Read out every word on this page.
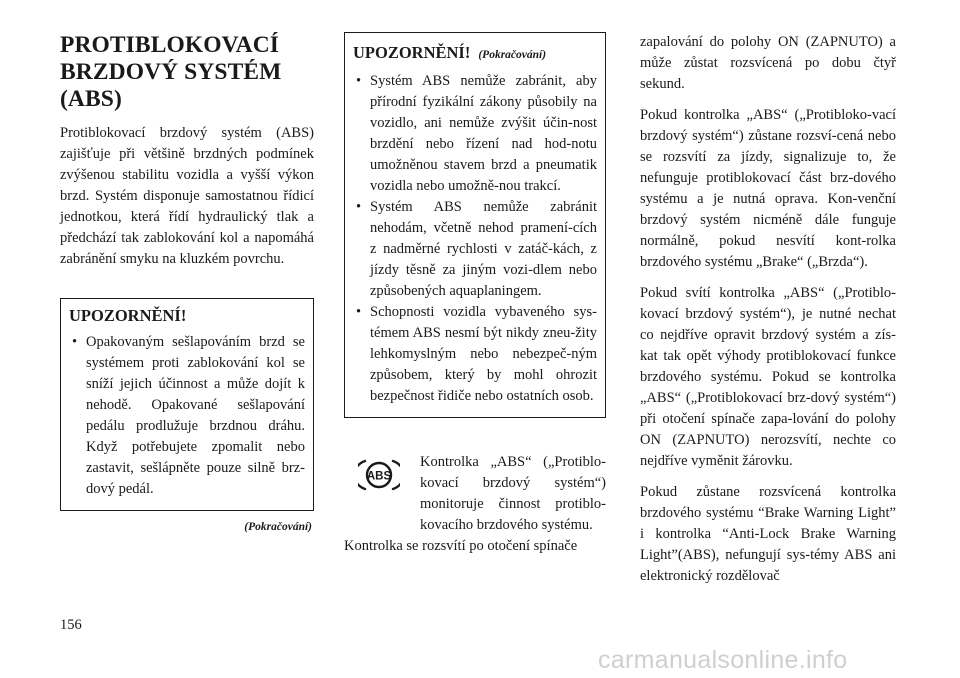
PROTIBLOKOVACÍ
BRZDOVÝ SYSTÉM
(ABS)

Protiblokovací brzdový systém (ABS) zajišťuje při většině brzdných podmínek zvýšenou stabilitu vozidla a vyšší výkon brzd. Systém disponuje samostatnou řídicí jednotkou, která řídí hydraulický tlak a předchází tak zablokování kol a napomáhá zabránění smyku na kluzkém povrchu.

UPOZORNĚNÍ!
• Opakovaným sešlapováním brzd se systémem proti zablokování kol se sníží jejich účinnost a může dojít k nehodě. Opakované sešlapování pedálu prodlužuje brzdnou dráhu. Když potřebujete zpomalit nebo zastavit, sešlápněte pouze silně brz-dový pedál.
(Pokračování)
UPOZORNĚNÍ! (Pokračování)
• Systém ABS nemůže zabránit, aby přírodní fyzikální zákony působily na vozidlo, ani nemůže zvýšit účin-nost brzdění nebo řízení nad hod-notu umožněnou stavem brzd a pneumatik vozidla nebo umožně-nou trakcí.
• Systém ABS nemůže zabránit nehodám, včetně nehod pramení-cích z nadměrné rychlosti v zatáč-kách, z jízdy těsně za jiným vozi-dlem nebo způsobených aquaplaningem.
• Schopnosti vozidla vybaveného sys-témem ABS nesmí být nikdy zneu-žity lehkomyslným nebo nebezpeč-ným způsobem, který by mohl ohrozit bezpečnost řidiče nebo ostatních osob.
ABS

Kontrolka „ABS“ („Protiblo-kovací brzdový systém“) monitoruje činnost protiblo-kovacího brzdového systému.

Kontrolka se rozsvítí po otočení spínače

zapalování do polohy ON (ZAPNUTO) a může zůstat rozsvícená po dobu čtyř sekund.

Pokud kontrolka „ABS“ („Protibloko-vací brzdový systém“) zůstane rozsví-cená nebo se rozsvítí za jízdy, signalizuje to, že nefunguje protiblokovací část brz-dového systému a je nutná oprava. Kon-venční brzdový systém nicméně dále funguje normálně, pokud nesvítí kont-rolka brzdového systému „Brake“ („Brzda“).

Pokud svítí kontrolka „ABS“ („Protiblo-kovací brzdový systém“), je nutné nechat co nejdříve opravit brzdový systém a zís-kat tak opět výhody protiblokovací funkce brzdového systému. Pokud se kontrolka „ABS“ („Protiblokovací brz-dový systém“) při otočení spínače zapa-lování do polohy ON (ZAPNUTO) nerozsvítí, nechte co nejdříve vyměnit žárovku.

Pokud zůstane rozsvícená kontrolka brzdového systému “Brake Warning Light” i kontrolka “Anti-Lock Brake Warning Light”(ABS), nefungují sys-témy ABS ani elektronický rozdělovač

156
carmanualsonline.info
